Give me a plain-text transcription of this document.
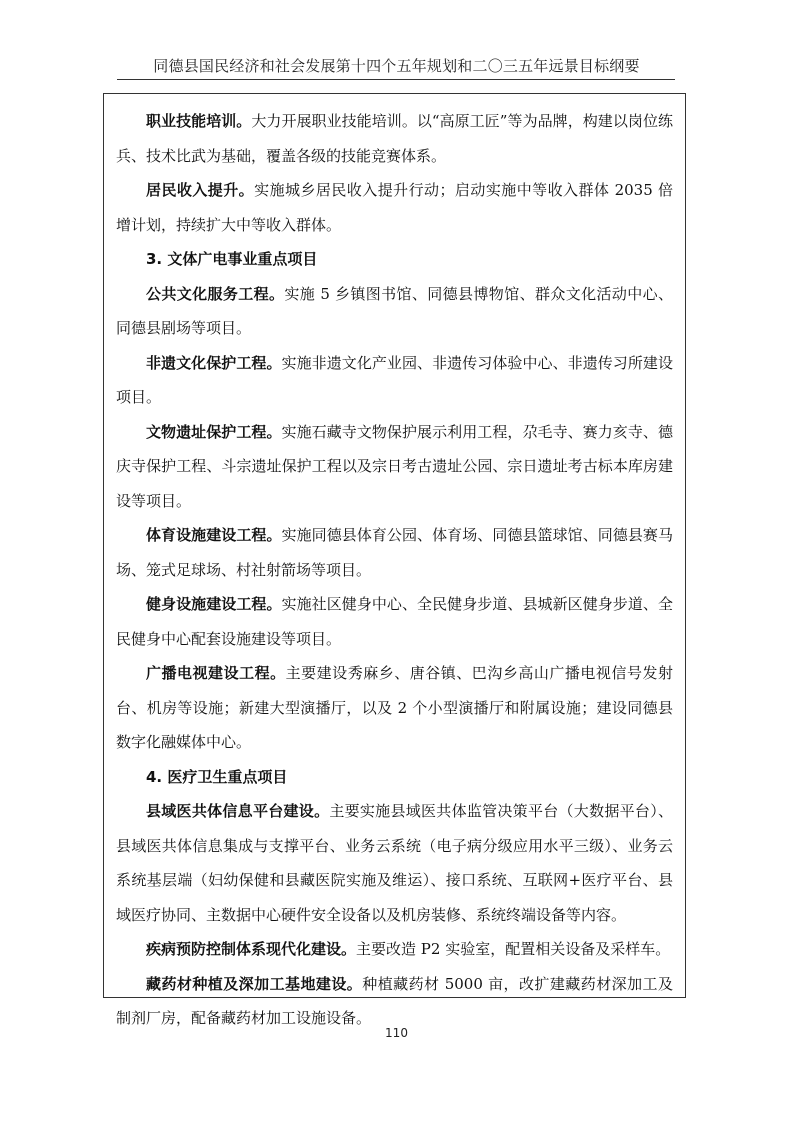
同德县国民经济和社会发展第十四个五年规划和二〇三五年远景目标纲要

职业技能培训。大力开展职业技能培训。以“高原工匠”等为品牌，构建以岗位练兵、技术比武为基础，覆盖各级的技能竞赛体系。

居民收入提升。实施城乡居民收入提升行动；启动实施中等收入群体 2035 倍增计划，持续扩大中等收入群体。

3. 文体广电事业重点项目

公共文化服务工程。实施 5 乡镇图书馆、同德县博物馆、群众文化活动中心、同德县剧场等项目。

非遗文化保护工程。实施非遗文化产业园、非遗传习体验中心、非遗传习所建设项目。

文物遗址保护工程。实施石藏寺文物保护展示利用工程，尕毛寺、赛力亥寺、德庆寺保护工程、斗宗遗址保护工程以及宗日考古遗址公园、宗日遗址考古标本库房建设等项目。

体育设施建设工程。实施同德县体育公园、体育场、同德县篮球馆、同德县赛马场、笼式足球场、村社射箭场等项目。

健身设施建设工程。实施社区健身中心、全民健身步道、县城新区健身步道、全民健身中心配套设施建设等项目。

广播电视建设工程。主要建设秀麻乡、唐谷镇、巴沟乡高山广播电视信号发射台、机房等设施；新建大型演播厅，以及 2 个小型演播厅和附属设施；建设同德县数字化融媒体中心。

4. 医疗卫生重点项目

县域医共体信息平台建设。主要实施县域医共体监管决策平台（大数据平台）、县域医共体信息集成与支撑平台、业务云系统（电子病分级应用水平三级）、业务云系统基层端（妇幼保健和县藏医院实施及维运）、接口系统、互联网+医疗平台、县域医疗协同、主数据中心硬件安全设备以及机房装修、系统终端设备等内容。

疾病预防控制体系现代化建设。主要改造 P2 实验室，配置相关设备及采样车。

藏药材种植及深加工基地建设。种植藏药材 5000 亩，改扩建藏药材深加工及制剂厂房，配备藏药材加工设施设备。

110
